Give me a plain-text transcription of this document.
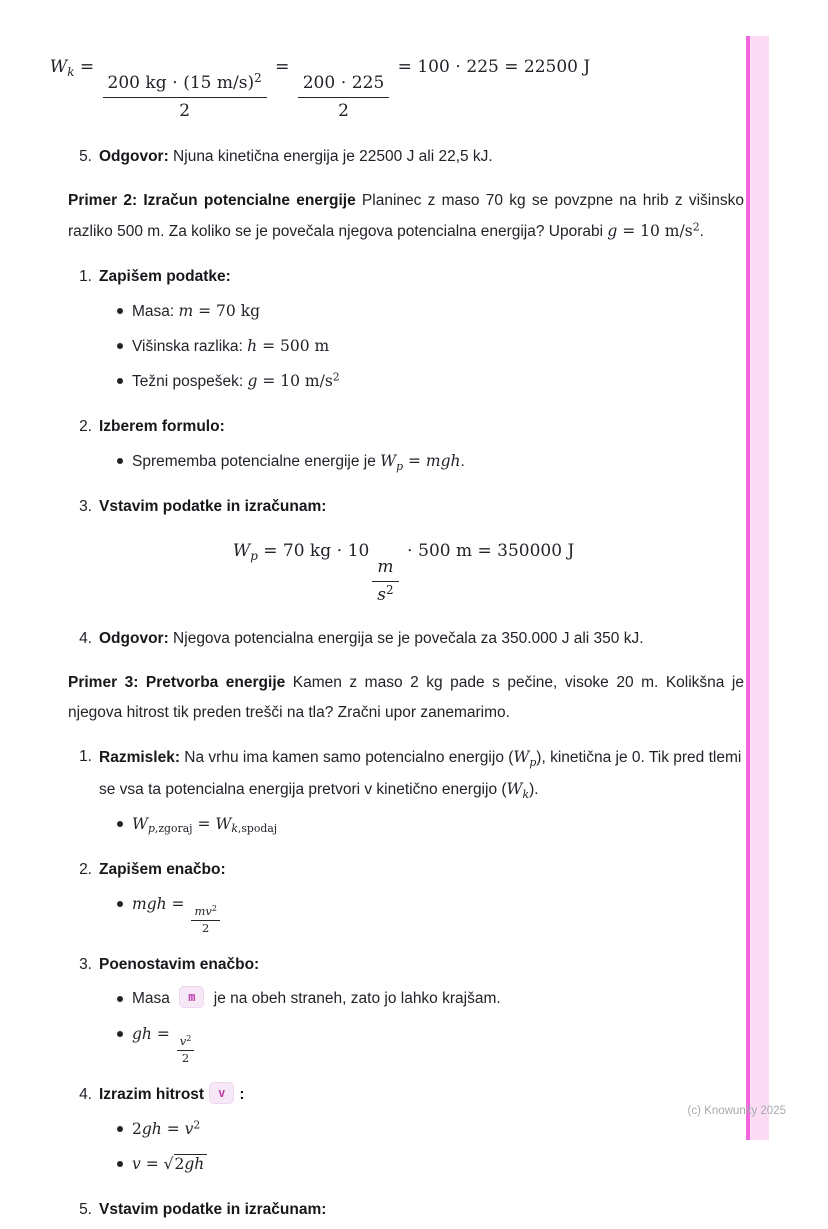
$W_k$ =
$\frac{200 kg \cdot (15 m/s)^2}{2}$
=
$\frac{200 \cdot 225}{2}$
= 100 ⋅ 225 = 22500 J
5. Odgovor: Njuna kinetična energija je 22500 J ali 22,5 kJ.

Primer 2: Izračun potencialne energije Planinec z maso 70 kg se povzpne na hrib z višinsko razliko 500 m. Za koliko se je povečala njegova potencialna energija? Uporabi g = 10 $m/s^2$.

1. Zapišem podatke:
Masa: m = 70 kg
Višinska razlika: h = 500 m
Težni pospešek: g = 10 $m/s^2$
2. Izberem formulo:
Sprememba potencialne energije je $W_p$ = mgh.
3. Vstavim podatke in izračunam:
$W_p = 70$ kg ⋅ 10
$\frac{m}{s^2}$
⋅ 500 m = 350000 J
4. Odgovor: Njegova potencialna energija se je povečala za 350.000 J ali 350 kJ.

Primer 3: Pretvorba energije Kamen z maso 2 kg pade s pečine, visoke 20 m. Kolikšna je njegova hitrost tik preden trešči na tla? Zračni upor zanemarimo.

1. Razmislek: Na vrhu ima kamen samo potencialno energijo $(W_p)$, kinetična je 0. Tik pred tlemi se vsa ta potencialna energija pretvori v kinetično energijo $(W_k)$.
$W_{p,zgoraj} = W_{k,spodaj}$
2. Zapišem enačbo:
mgh =
$\frac{mv^2}{2}$
3. Poenostavim enačbo:
Masa m je na obeh straneh, zato jo lahko krajšam.
gh =
$\frac{v^2}{2}$
4. Izrazim hitrost v :
$2gh = v^2$
v = √2gh
5. Vstavim podatke in izračunam:
(c) Knowunity 2025
